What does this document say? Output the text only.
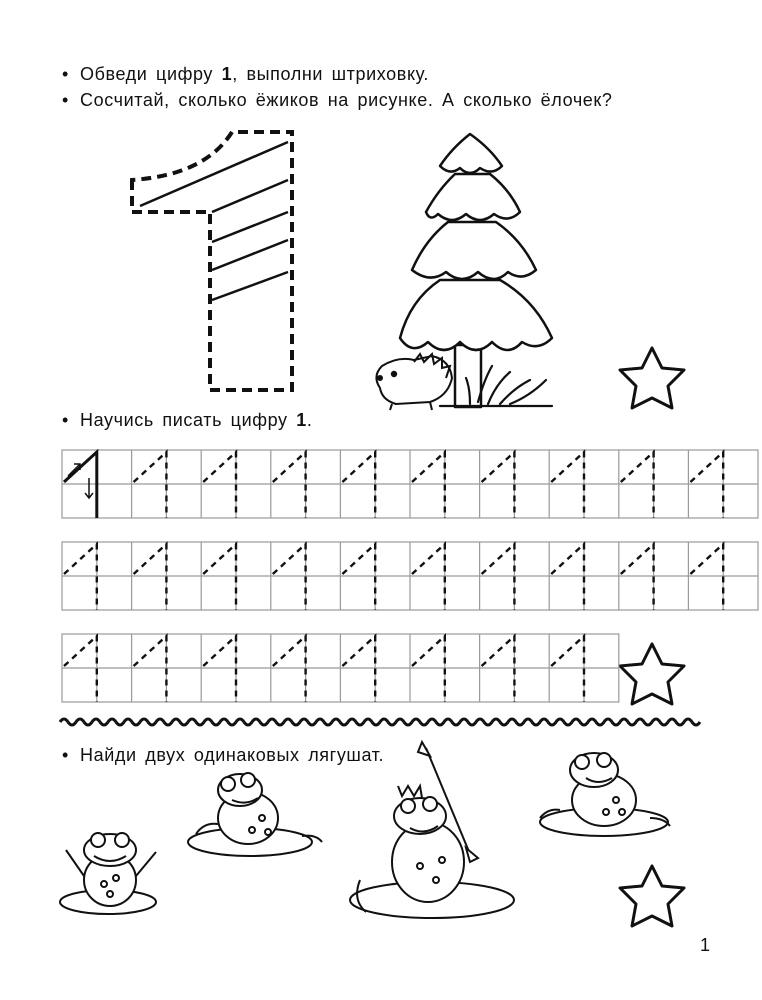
• Обведи цифру 1, выполни штриховку.
• Сосчитай, сколько ёжиков на рисунке. А сколько ёлочек?
• Научись писать цифру 1.
• Найди двух одинаковых лягушат.
1
